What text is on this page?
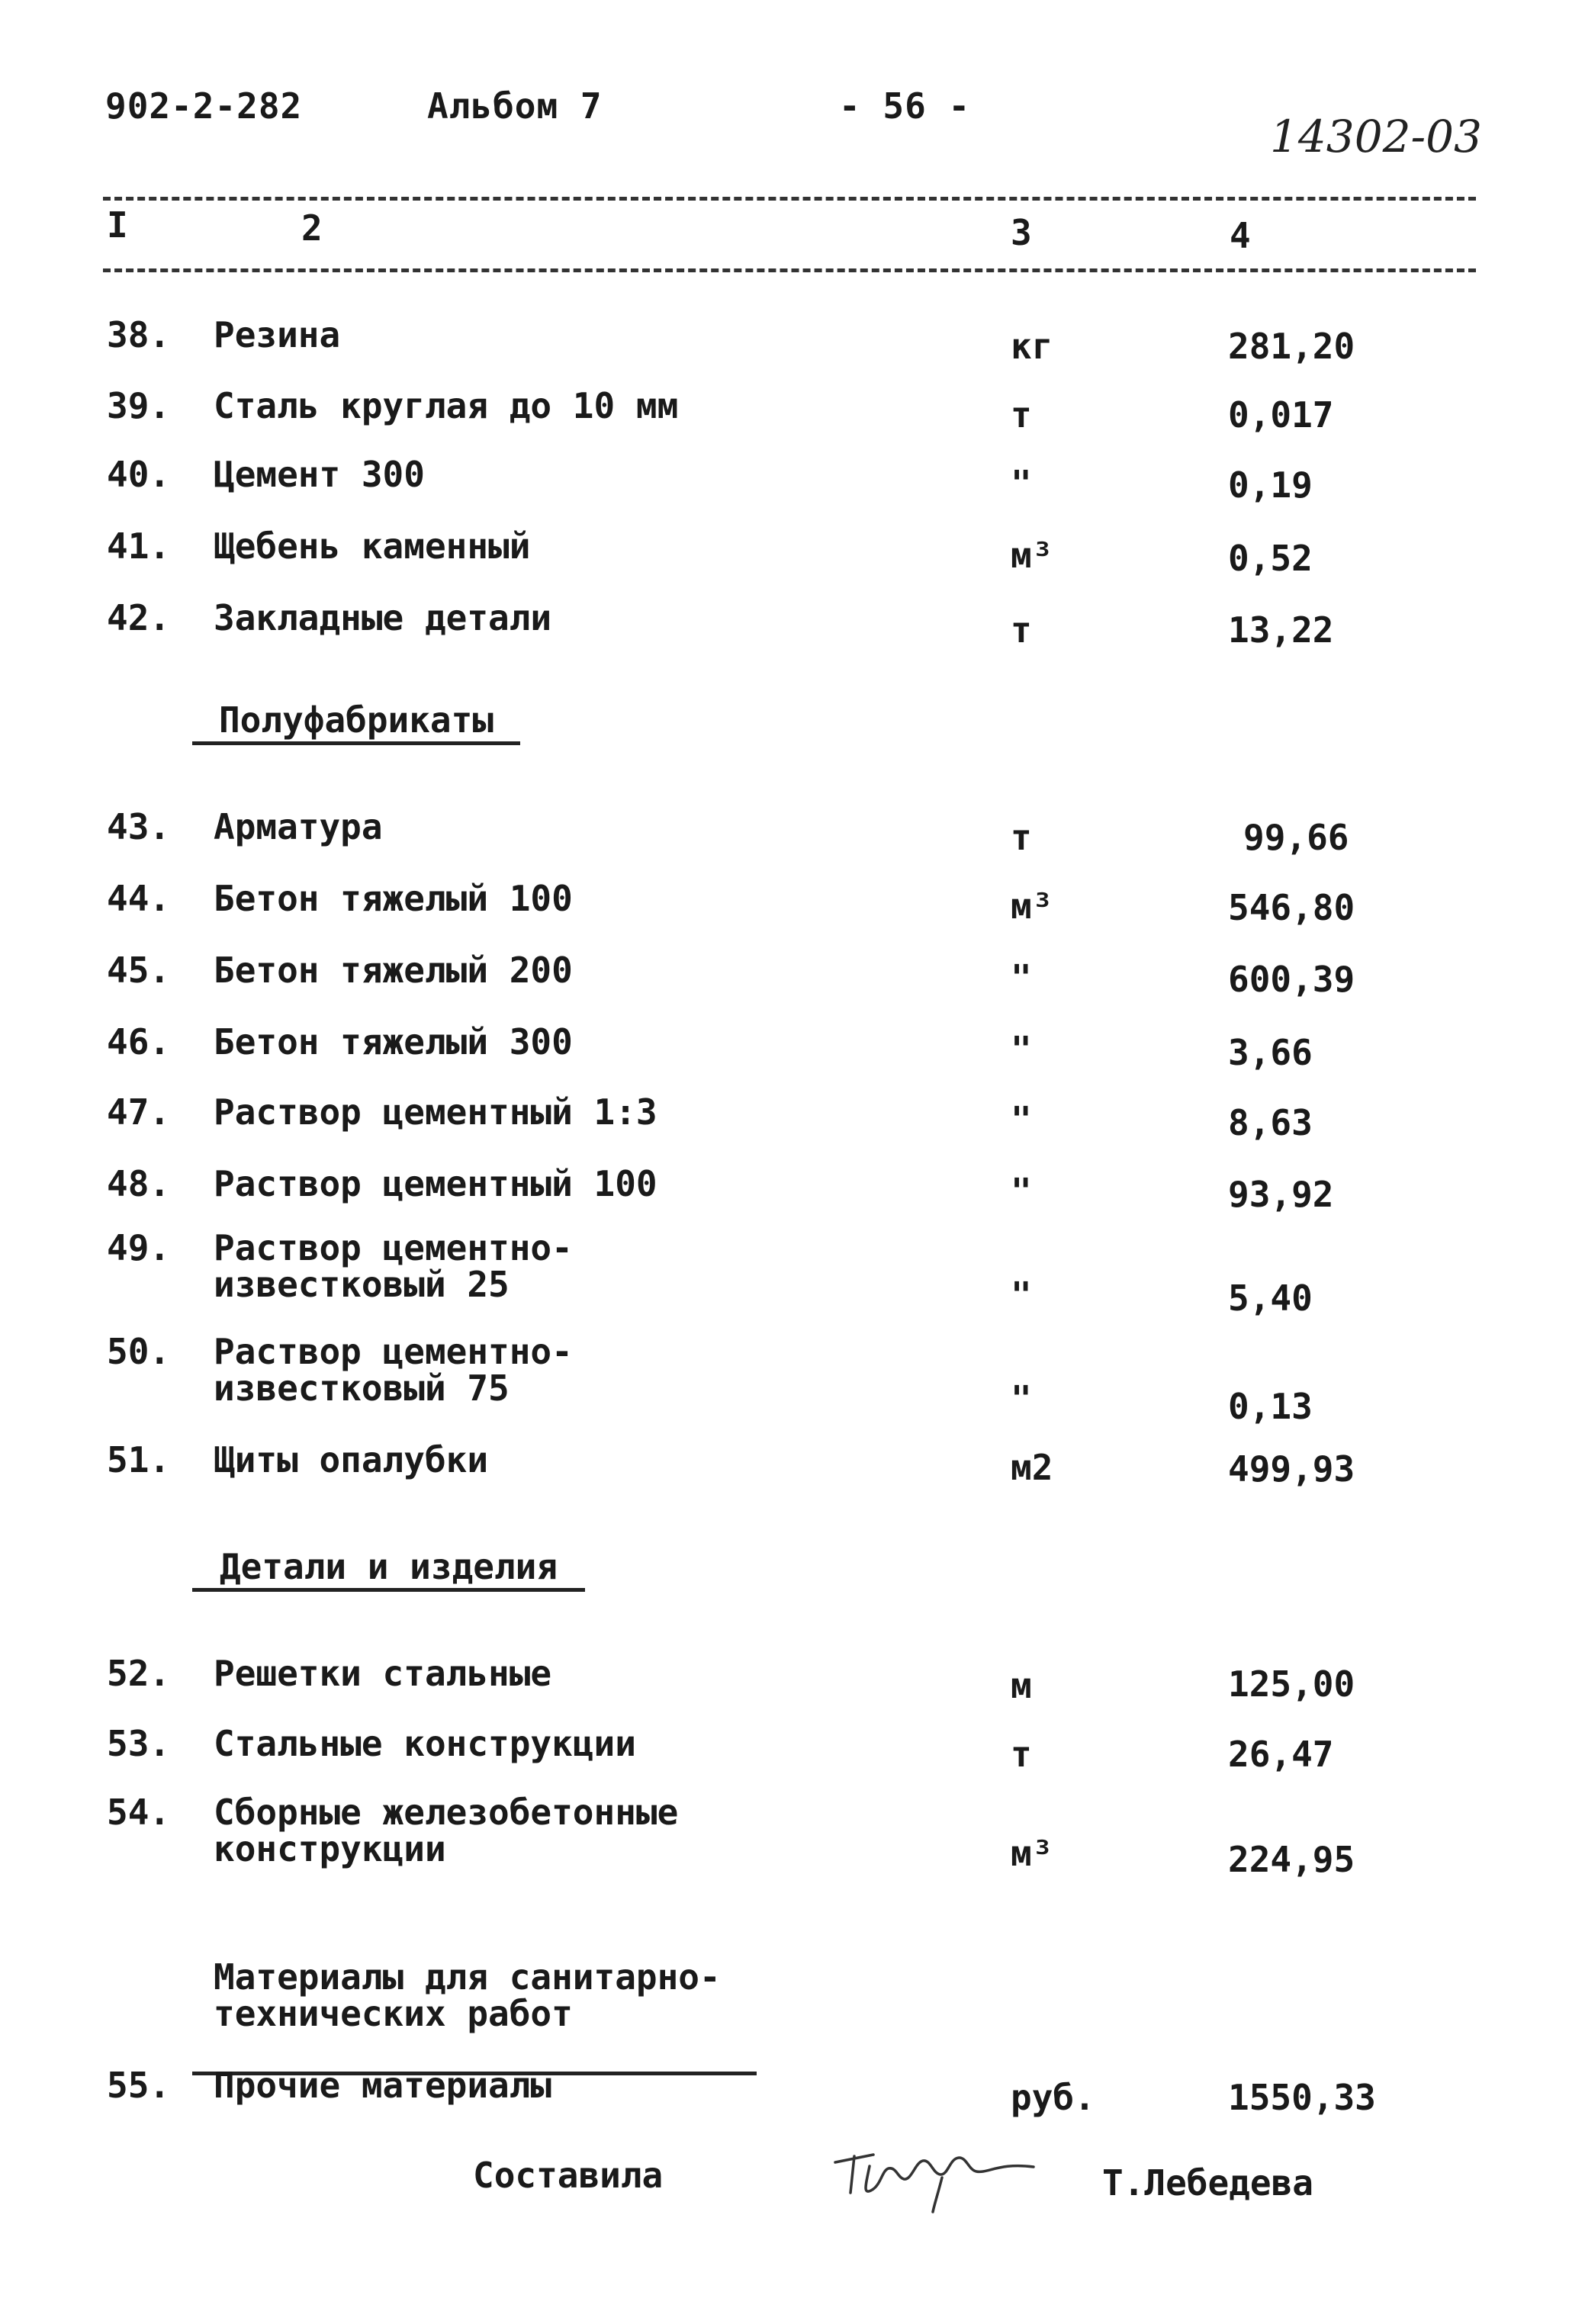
902-2-282	Альбом 7	- 56 -
14302-03
I	2	3	4
38.	Резина	кг	281,20
39.	Сталь круглая до 10 мм	т	0,017
40.	Цемент 300	"	0,19
41.	Щебень каменный	м³	0,52
42.	Закладные детали	т	13,22
Полуфабрикаты
43.	Арматура	т	99,66
44.	Бетон тяжелый 100	м³	546,80
45.	Бетон тяжелый 200	"	600,39
46.	Бетон тяжелый 300	"	3,66
47.	Раствор цементный 1:3	"	8,63
48.	Раствор цементный 100	"	93,92
49.	Раствор цементно-
известковый 25	"	5,40
50.	Раствор цементно-
известковый 75	"	0,13
51.	Щиты опалубки	м2	499,93
Детали и изделия
52.	Решетки стальные	м	125,00
53.	Стальные конструкции	т	26,47
54.	Сборные железобетонные
конструкции	м³	224,95

Материалы для санитарно-
технических работ

55.	Прочие материалы	руб.	1550,33
Составила	Т.Лебедева
